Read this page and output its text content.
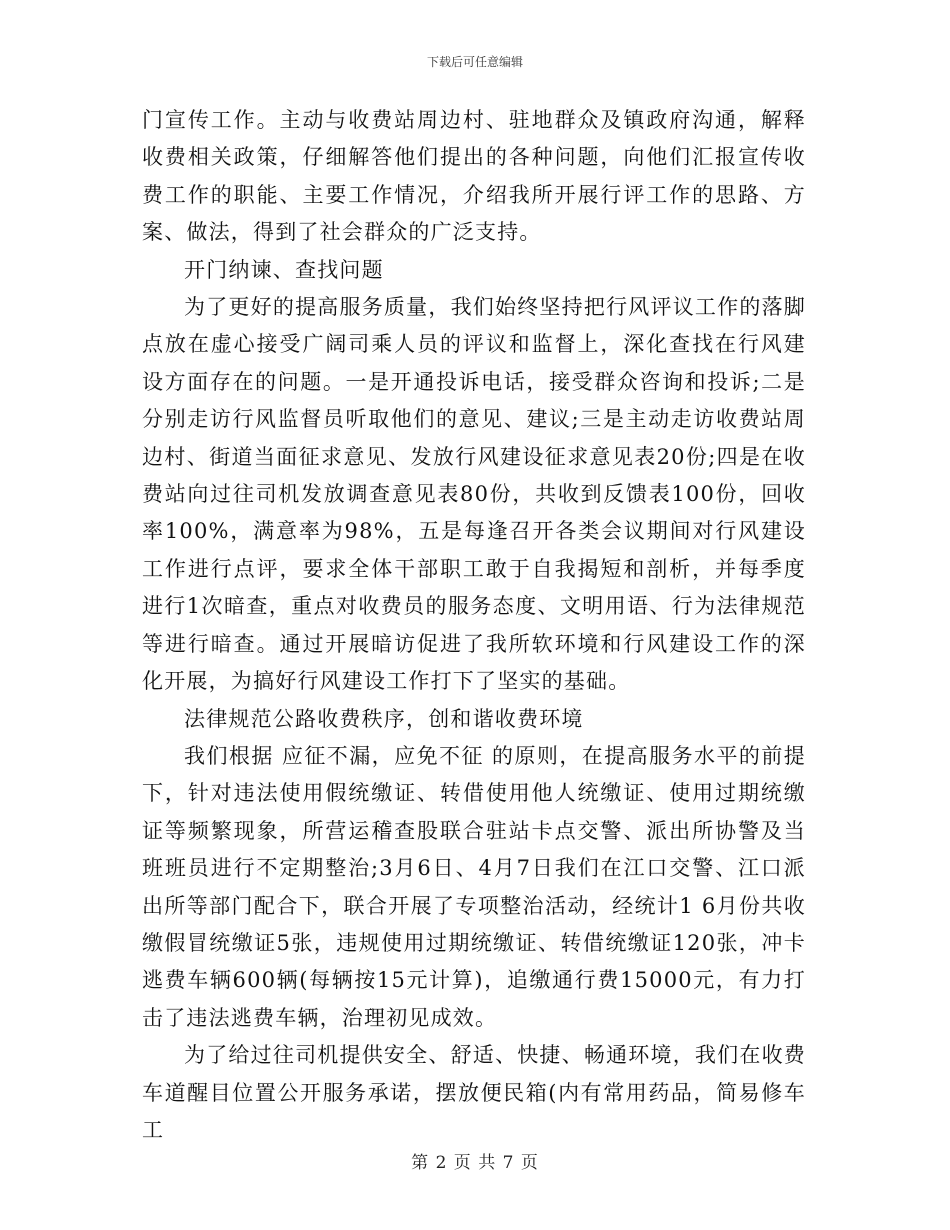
下载后可任意编辑

门宣传工作。主动与收费站周边村、驻地群众及镇政府沟通，解释收费相关政策，仔细解答他们提出的各种问题，向他们汇报宣传收费工作的职能、主要工作情况，介绍我所开展行评工作的思路、方案、做法，得到了社会群众的广泛支持。

开门纳谏、查找问题

为了更好的提高服务质量，我们始终坚持把行风评议工作的落脚点放在虚心接受广阔司乘人员的评议和监督上，深化查找在行风建设方面存在的问题。一是开通投诉电话，接受群众咨询和投诉;二是分别走访行风监督员听取他们的意见、建议;三是主动走访收费站周边村、街道当面征求意见、发放行风建设征求意见表20份;四是在收费站向过往司机发放调查意见表80份，共收到反馈表100份，回收率100%，满意率为98%，五是每逢召开各类会议期间对行风建设工作进行点评，要求全体干部职工敢于自我揭短和剖析，并每季度进行1次暗查，重点对收费员的服务态度、文明用语、行为法律规范等进行暗查。通过开展暗访促进了我所软环境和行风建设工作的深化开展，为搞好行风建设工作打下了坚实的基础。

法律规范公路收费秩序，创和谐收费环境

我们根据 应征不漏，应免不征 的原则，在提高服务水平的前提下，针对违法使用假统缴证、转借使用他人统缴证、使用过期统缴证等频繁现象，所营运稽查股联合驻站卡点交警、派出所协警及当班班员进行不定期整治;3月6日、4月7日我们在江口交警、江口派出所等部门配合下，联合开展了专项整治活动，经统计1 6月份共收缴假冒统缴证5张，违规使用过期统缴证、转借统缴证120张，冲卡逃费车辆600辆(每辆按15元计算)，追缴通行费15000元，有力打击了违法逃费车辆，治理初见成效。

为了给过往司机提供安全、舒适、快捷、畅通环境，我们在收费车道醒目位置公开服务承诺，摆放便民箱(内有常用药品，简易修车工

第 2 页 共 7 页
